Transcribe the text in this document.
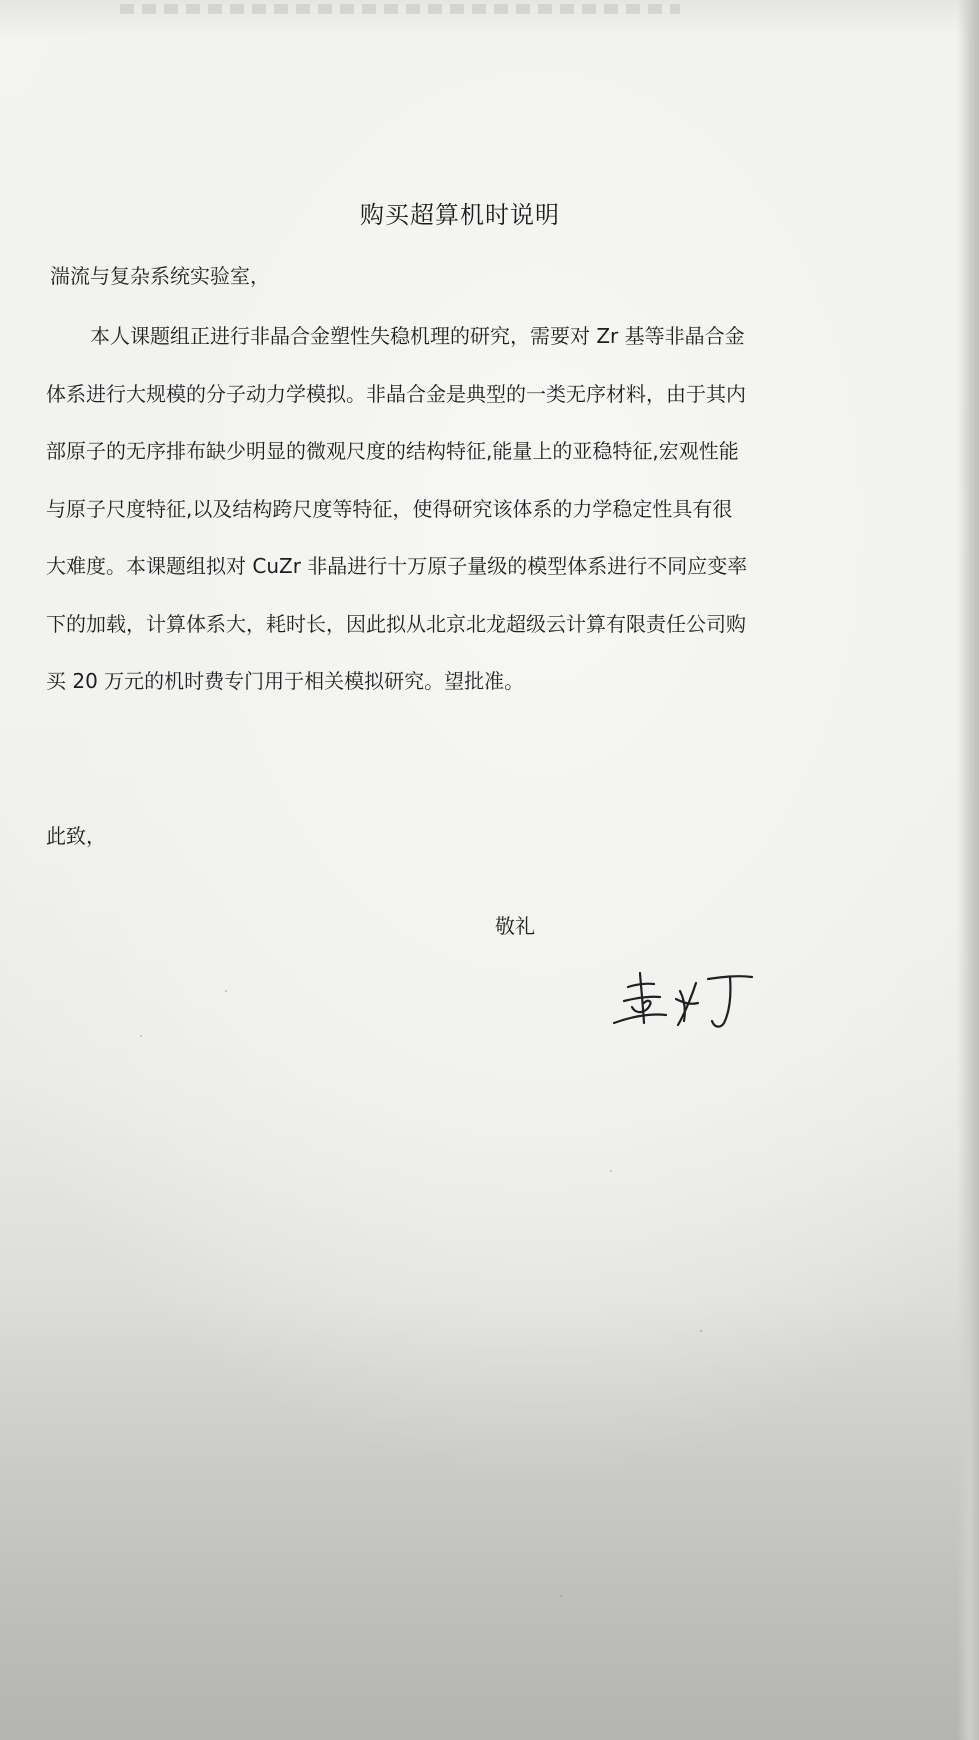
购买超算机时说明
湍流与复杂系统实验室，
本人课题组正进行非晶合金塑性失稳机理的研究，需要对 Zr 基等非晶合金
体系进行大规模的分子动力学模拟。非晶合金是典型的一类无序材料，由于其内
部原子的无序排布缺少明显的微观尺度的结构特征,能量上的亚稳特征,宏观性能
与原子尺度特征,以及结构跨尺度等特征，使得研究该体系的力学稳定性具有很
大难度。本课题组拟对 CuZr 非晶进行十万原子量级的模型体系进行不同应变率
下的加载，计算体系大，耗时长，因此拟从北京北龙超级云计算有限责任公司购
买 20 万元的机时费专门用于相关模拟研究。望批准。
此致，
敬礼
